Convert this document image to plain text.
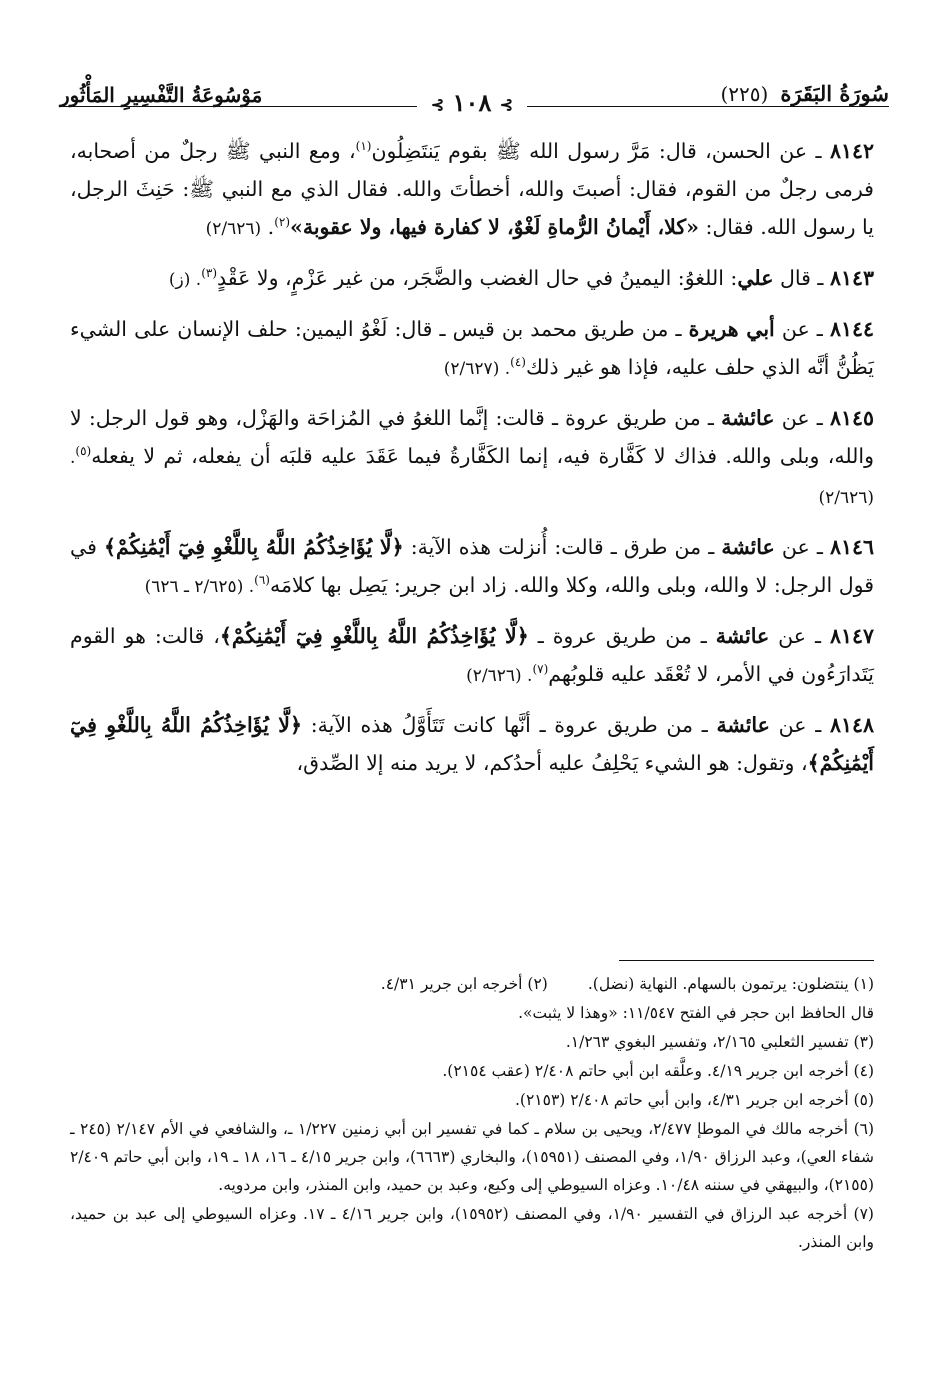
سُورَةُ البَقَرَة
(٢٢٥)
مَوْسُوعَةُ التَّفْسِيرِ المَأْثُور	⊱ ١٠٨ ⊱

٨١٤٢ ـ عن الحسن، قال: مَرَّ رسول الله ﷺ بقوم يَنتَضِلُون$^{(١)}$، ومع النبي ﷺ رجلٌ من أصحابه، فرمى رجلٌ من القوم، فقال: أصبتَ والله، أخطأتَ والله. فقال الذي مع النبي ﷺ: حَنِثَ الرجل، يا رسول الله. فقال: «كلا، أَيْمانُ الرُّماةِ لَغْوٌ، لا كفارة فيها، ولا عقوبة»$^{(٢)}$. (٢/٦٢٦)

٨١٤٣ ـ قال علي: اللغوُ: اليمينُ في حال الغضب والضَّجَر، من غير عَزْمٍ، ولا عَقْدٍ$^{(٣)}$. (ز)

٨١٤٤ ـ عن أبي هريرة ـ من طريق محمد بن قيس ـ قال: لَغْوُ اليمين: حلف الإنسان على الشيء يَظُنُّ أنَّه الذي حلف عليه، فإذا هو غير ذلك$^{(٤)}$. (٢/٦٢٧)

٨١٤٥ ـ عن عائشة ـ من طريق عروة ـ قالت: إنَّما اللغوُ في المُزاحَة والهَزْل، وهو قول الرجل: لا والله، وبلى والله. فذاك لا كَفَّارة فيه، إنما الكَفَّارةُ فيما عَقَدَ عليه قلبَه أن يفعله، ثم لا يفعله$^{(٥)}$. (٢/٦٢٦)

٨١٤٦ ـ عن عائشة ـ من طرق ـ قالت: أُنزلت هذه الآية: ﴿لَّا يُؤَاخِذُكُمُ اللَّهُ بِاللَّغْوِ فِيٓ أَيْمَٰنِكُمْ﴾ في قول الرجل: لا والله، وبلى والله، وكلا والله. زاد ابن جرير: يَصِل بها كلامَه$^{(٦)}$. (٢/٦٢٥ ـ ٦٢٦)

٨١٤٧ ـ عن عائشة ـ من طريق عروة ـ ﴿لَّا يُؤَاخِذُكُمُ اللَّهُ بِاللَّغْوِ فِيٓ أَيْمَٰنِكُمْ﴾، قالت: هو القوم يَتَدارَءُون في الأمر، لا تُعْقَد عليه قلوبُهم$^{(٧)}$. (٢/٦٢٦)

٨١٤٨ ـ عن عائشة ـ من طريق عروة ـ أنَّها كانت تَتَأَوَّلُ هذه الآية: ﴿لَّا يُؤَاخِذُكُمُ اللَّهُ بِاللَّغْوِ فِيٓ أَيْمَٰنِكُمْ﴾، وتقول: هو الشيء يَحْلِفُ عليه أحدُكم، لا يريد منه إلا الصِّدق،

(١) ينتضلون: يرتمون بالسهام. النهاية (نضل).
(٢) أخرجه ابن جرير ٤/٣١.

قال الحافظ ابن حجر في الفتح ١١/٥٤٧: «وهذا لا يثبت».

(٣) تفسير الثعلبي ٢/١٦٥، وتفسير البغوي ١/٢٦٣.

(٤) أخرجه ابن جرير ٤/١٩. وعلَّقه ابن أبي حاتم ٢/٤٠٨ (عقب ٢١٥٤).

(٥) أخرجه ابن جرير ٤/٣١، وابن أبي حاتم ٢/٤٠٨ (٢١٥٣).

(٦) أخرجه مالك في الموطإ ٢/٤٧٧، ويحيى بن سلام ـ كما في تفسير ابن أبي زمنين ١/٢٢٧ ـ، والشافعي في الأم ٢/١٤٧ (٢٤٥ ـ شفاء العي)، وعبد الرزاق ١/٩٠، وفي المصنف (١٥٩٥١)، والبخاري (٦٦٦٣)، وابن جرير ٤/١٥ ـ ١٦، ١٨ ـ ١٩، وابن أبي حاتم ٢/٤٠٩ (٢١٥٥)، والبيهقي في سننه ١٠/٤٨. وعزاه السيوطي إلى وكيع، وعبد بن حميد، وابن المنذر، وابن مردويه.

(٧) أخرجه عبد الرزاق في التفسير ١/٩٠، وفي المصنف (١٥٩٥٢)، وابن جرير ٤/١٦ ـ ١٧. وعزاه السيوطي إلى عبد بن حميد، وابن المنذر.
